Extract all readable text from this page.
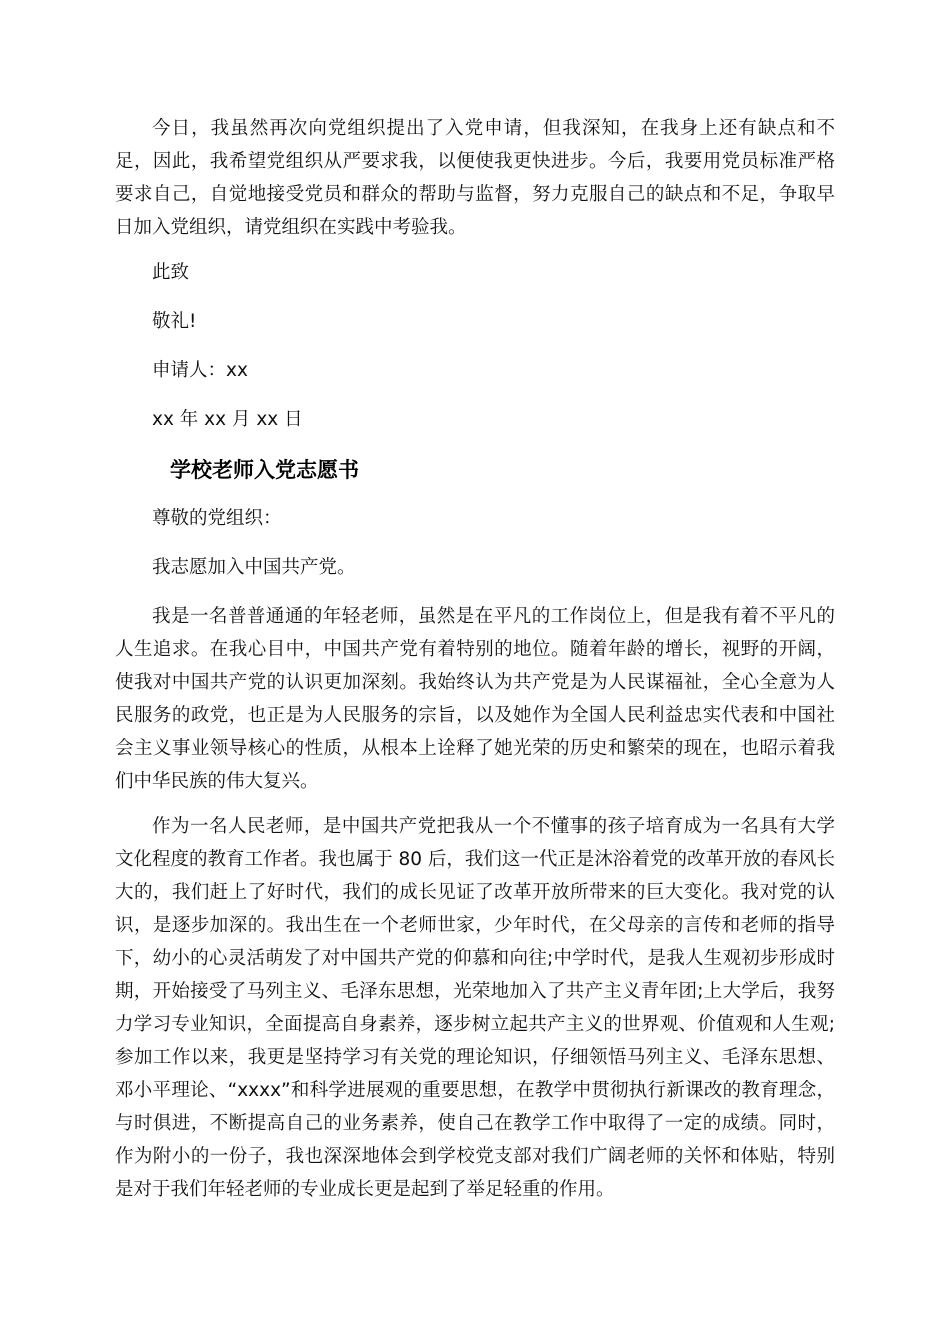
今日，我虽然再次向党组织提出了入党申请，但我深知，在我身上还有缺点和不足，因此，我希望党组织从严要求我，以便使我更快进步。今后，我要用党员标准严格要求自己，自觉地接受党员和群众的帮助与监督，努力克服自己的缺点和不足，争取早日加入党组织，请党组织在实践中考验我。

此致

敬礼!

申请人：xx

xx 年 xx 月 xx 日

学校老师入党志愿书

尊敬的党组织：

我志愿加入中国共产党。

我是一名普普通通的年轻老师，虽然是在平凡的工作岗位上，但是我有着不平凡的人生追求。在我心目中，中国共产党有着特别的地位。随着年龄的增长，视野的开阔，使我对中国共产党的认识更加深刻。我始终认为共产党是为人民谋福祉，全心全意为人民服务的政党，也正是为人民服务的宗旨，以及她作为全国人民利益忠实代表和中国社会主义事业领导核心的性质，从根本上诠释了她光荣的历史和繁荣的现在，也昭示着我们中华民族的伟大复兴。

作为一名人民老师，是中国共产党把我从一个不懂事的孩子培育成为一名具有大学文化程度的教育工作者。我也属于 80 后，我们这一代正是沐浴着党的改革开放的春风长大的，我们赶上了好时代，我们的成长见证了改革开放所带来的巨大变化。我对党的认识，是逐步加深的。我出生在一个老师世家，少年时代，在父母亲的言传和老师的指导下，幼小的心灵活萌发了对中国共产党的仰慕和向往;中学时代，是我人生观初步形成时期，开始接受了马列主义、毛泽东思想，光荣地加入了共产主义青年团;上大学后，我努力学习专业知识，全面提高自身素养，逐步树立起共产主义的世界观、价值观和人生观;参加工作以来，我更是坚持学习有关党的理论知识，仔细领悟马列主义、毛泽东思想、邓小平理论、“xxxx”和科学进展观的重要思想，在教学中贯彻执行新课改的教育理念，与时俱进，不断提高自己的业务素养，使自己在教学工作中取得了一定的成绩。同时，作为附小的一份子，我也深深地体会到学校党支部对我们广阔老师的关怀和体贴，特别是对于我们年轻老师的专业成长更是起到了举足轻重的作用。
